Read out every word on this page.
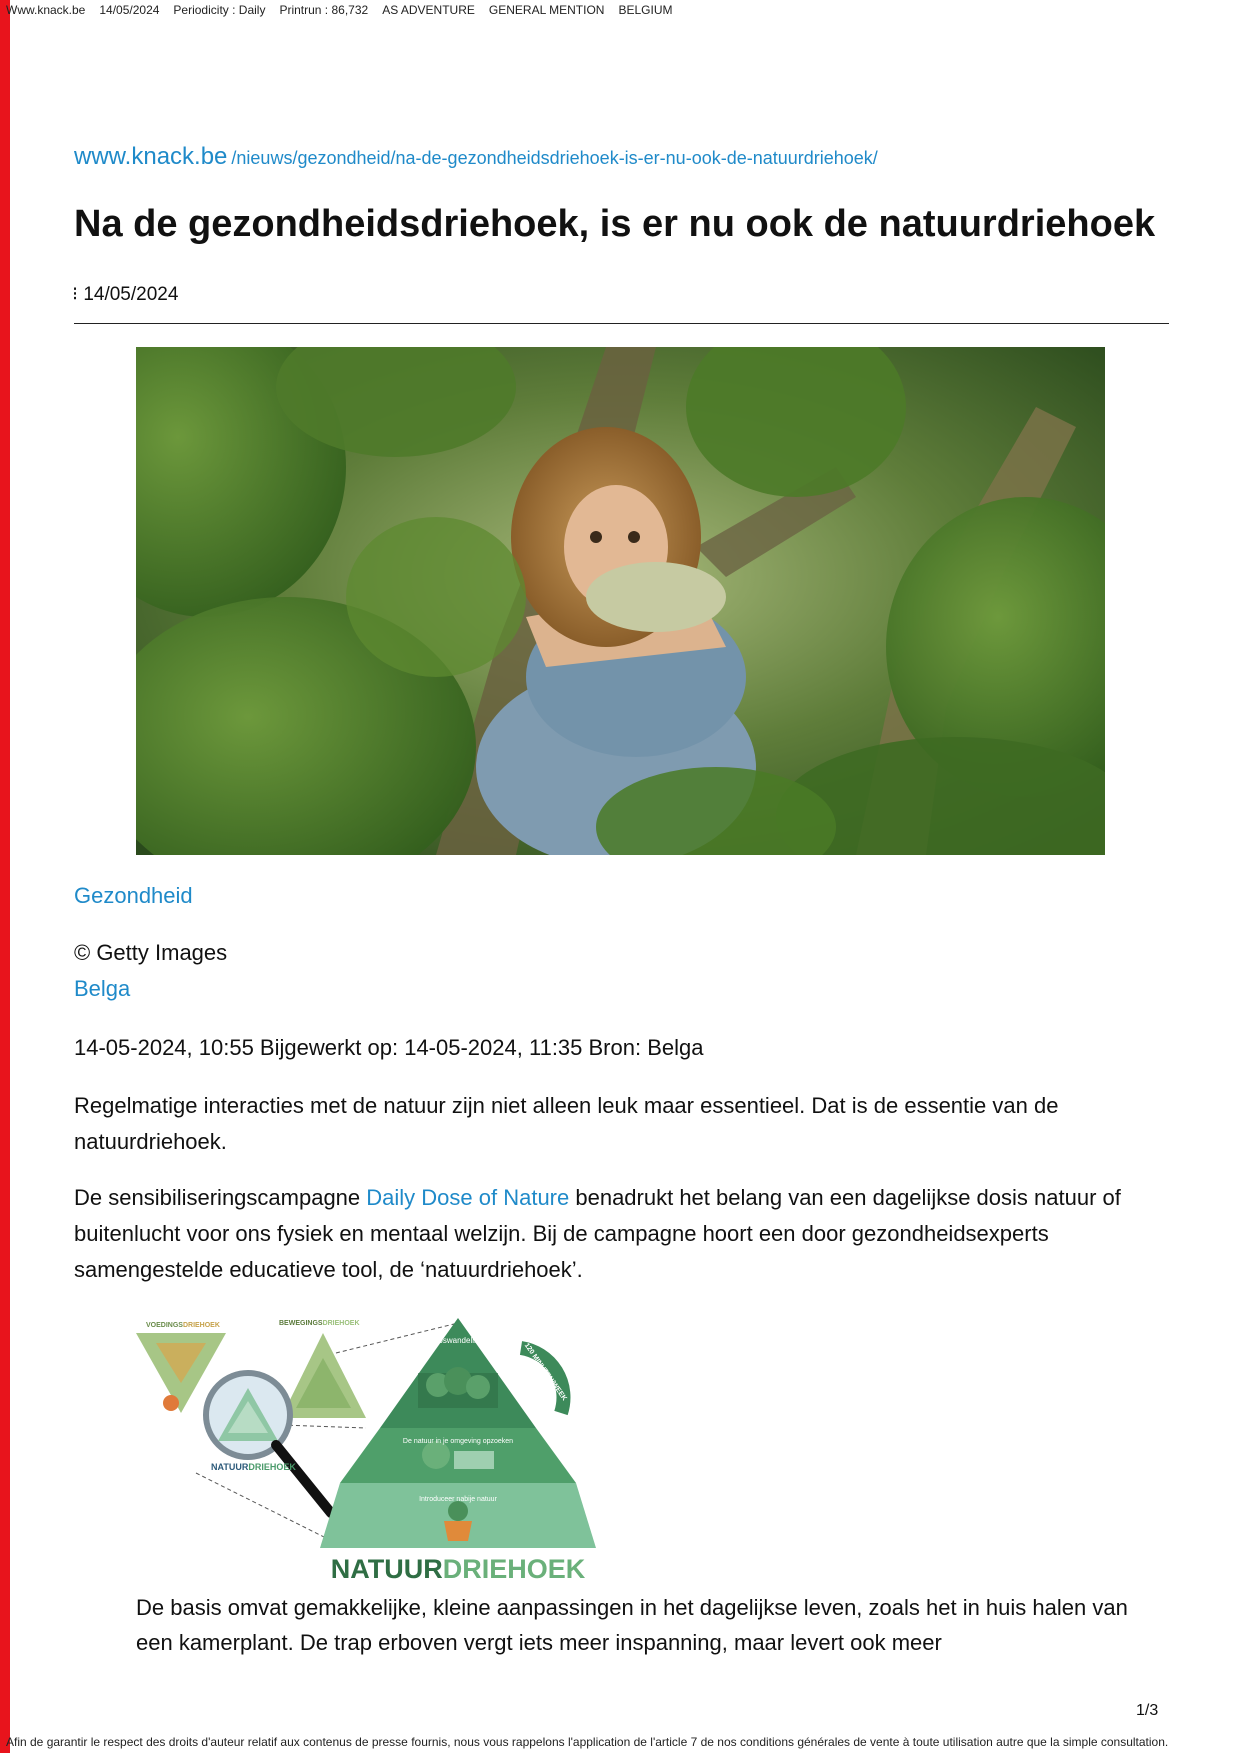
Www.knack.be 14/05/2024 Periodicity : Daily Printrun : 86,732 AS ADVENTURE GENERAL MENTION BELGIUM
www.knack.be /nieuws/gezondheid/na-de-gezondheidsdriehoek-is-er-nu-ook-de-natuurdriehoek/
Na de gezondheidsdriehoek, is er nu ook de natuurdriehoek
⁝ 14/05/2024
Gezondheid
© Getty Images
Belga
14-05-2024, 10:55 Bijgewerkt op: 14-05-2024, 11:35 Bron: Belga

Regelmatige interacties met de natuur zijn niet alleen leuk maar essentieel. Dat is de essentie van de natuurdriehoek.

De sensibiliseringscampagne Daily Dose of Nature benadrukt het belang van een dagelijkse dosis natuur of buitenlucht voor ons fysiek en mentaal welzijn. Bij de campagne hoort een door gezondheidsexperts samengestelde educatieve tool, de ‘natuurdriehoek’.

VOEDINGSDRIEHOEK	BEWEGINGSDRIEHOEK
NATUURDRIEHOEK
Boswandeling
De natuur in je omgeving opzoeken
Introduceer nabije natuur
120 MINUTEN/WEEK
NATUURDRIEHOEK

De basis omvat gemakkelijke, kleine aanpassingen in het dagelijkse leven, zoals het in huis halen van een kamerplant. De trap erboven vergt iets meer inspanning, maar levert ook meer

1/3
Afin de garantir le respect des droits d'auteur relatif aux contenus de presse fournis, nous vous rappelons l'application de l'article 7 de nos conditions générales de vente à toute utilisation autre que la simple consultation.
